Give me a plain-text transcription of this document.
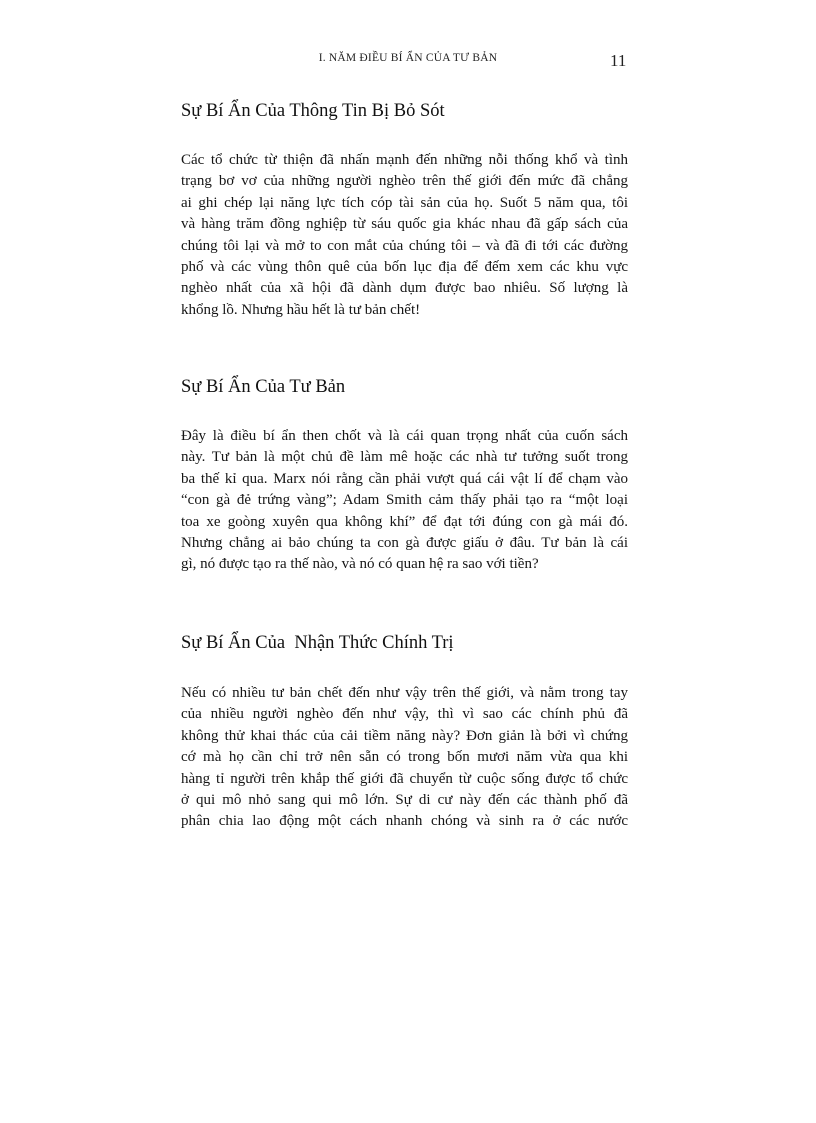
I. NĂM ĐIỀU BÍ ẨN CỦA TƯ BẢN	11
Sự Bí Ẩn Của Thông Tin Bị Bỏ Sót
Các tổ chức từ thiện đã nhấn mạnh đến những nỗi thống khổ và tình
trạng bơ vơ của những người nghèo trên thế giới đến mức đã chẳng
ai ghi chép lại năng lực tích cóp tài sản của họ. Suốt 5 năm qua, tôi
và hàng trăm đồng nghiệp từ sáu quốc gia khác nhau đã gấp sách của
chúng tôi lại và mở to con mắt của chúng tôi – và đã đi tới các đường
phố và các vùng thôn quê của bốn lục địa để đếm xem các khu vực
nghèo nhất của xã hội đã dành dụm được bao nhiêu. Số lượng là
khổng lồ. Nhưng hầu hết là tư bản chết!
Sự Bí Ẩn Của Tư Bản
Đây là điều bí ẩn then chốt và là cái quan trọng nhất của cuốn sách
này. Tư bản là một chủ đề làm mê hoặc các nhà tư tưởng suốt trong
ba thế kỉ qua. Marx nói rằng cần phải vượt quá cái vật lí để chạm vào
“con gà đẻ trứng vàng”; Adam Smith cảm thấy phải tạo ra “một loại
toa xe goòng xuyên qua không khí” để đạt tới đúng con gà mái đó.
Nhưng chẳng ai bảo chúng ta con gà được giấu ở đâu. Tư bản là cái
gì, nó được tạo ra thế nào, và nó có quan hệ ra sao với tiền?
Sự Bí Ẩn Của  Nhận Thức Chính Trị
Nếu có nhiều tư bản chết đến như vậy trên thế giới, và nằm trong tay
của nhiều người nghèo đến như vậy, thì vì sao các chính phủ đã
không thử khai thác của cải tiềm năng này? Đơn giản là bởi vì chứng
cớ mà họ cần chỉ trở nên sẵn có trong bốn mươi năm vừa qua khi
hàng tỉ người trên khắp thế giới đã chuyển từ cuộc sống được tổ chức
ở qui mô nhỏ sang qui mô lớn. Sự di cư này đến các thành phố đã
phân chia lao động một cách nhanh chóng và sinh ra ở các nước
